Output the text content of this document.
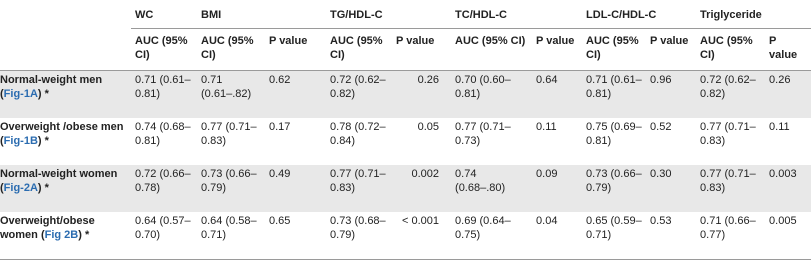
	WC	BMI		TG/HDL-C		TC/HDL-C		LDL-C/HDL-C		Triglyceride	
	AUC (95% CI)	AUC (95% CI)	P value	AUC (95% CI)	P value	AUC (95% CI)	P value	AUC (95% CI)	P value	AUC (95% CI)	P value
Normal-weight men (Fig-1A) *	0.71 (0.61–0.81)	0.71 (0.61–.82)	0.62	0.72 (0.62–0.82)	0.26	0.70 (0.60–0.81)	0.64	0.71 (0.61–0.81)	0.96	0.72 (0.62–0.82)	0.26
Overweight /obese men (Fig-1B) *	0.74 (0.68–0.81)	0.77 (0.71–0.83)	0.17	0.78 (0.72–0.84)	0.05	0.77 (0.71–0.73)	0.11	0.75 (0.69–0.81)	0.52	0.77 (0.71–0.83)	0.11
Normal-weight women (Fig-2A) *	0.72 (0.66–0.78)	0.73 (0.66–0.79)	0.49	0.77 (0.71–0.83)	0.002	0.74 (0.68–.80)	0.09	0.73 (0.66–0.79)	0.30	0.77 (0.71–0.83)	0.003
Overweight/obese women (Fig 2B) *	0.64 (0.57–0.70)	0.64 (0.58–0.71)	0.65	0.73 (0.68–0.79)	< 0.001	0.69 (0.64–0.75)	0.04	0.65 (0.59–0.71)	0.53	0.71 (0.66–0.77)	0.005
